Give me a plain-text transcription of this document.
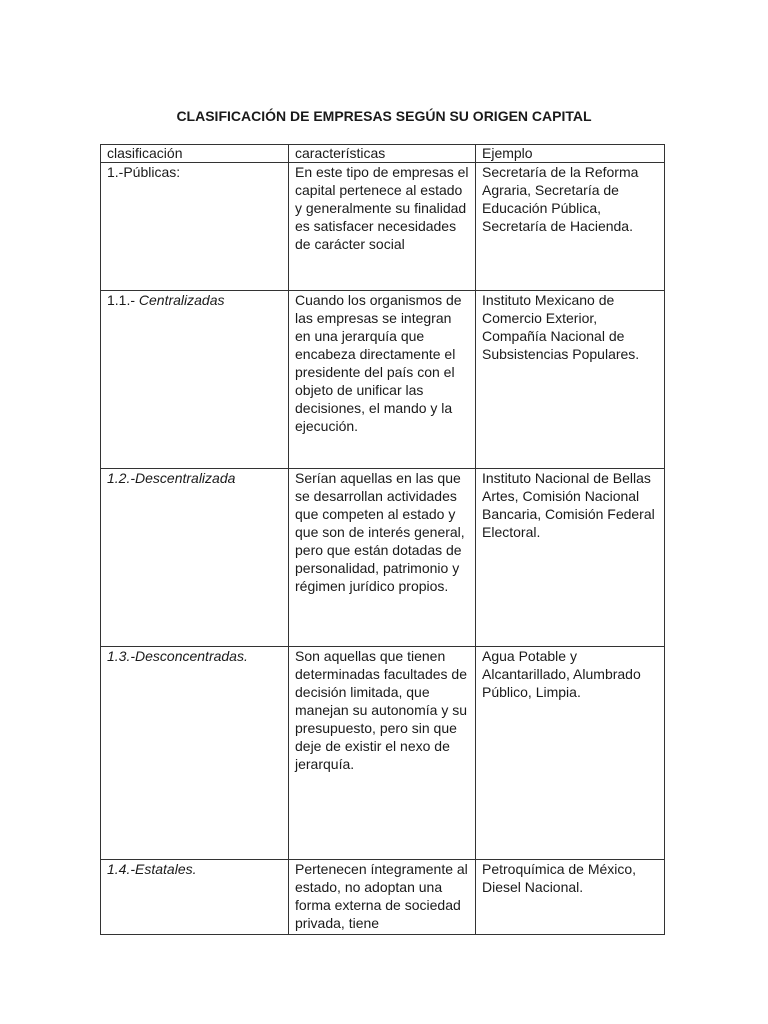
CLASIFICACIÓN DE EMPRESAS SEGÚN SU ORIGEN CAPITAL
clasificación	características	Ejemplo
1.-Públicas:	En este tipo de empresas el capital pertenece al estado y generalmente su finalidad es satisfacer necesidades de carácter social	Secretaría de la Reforma Agraria, Secretaría de Educación Pública, Secretaría de Hacienda.
1.1.- Centralizadas	Cuando los organismos de las empresas se integran en una jerarquía que encabeza directamente el presidente del país con el objeto de unificar las decisiones, el mando y la ejecución.	Instituto Mexicano de Comercio Exterior, Compañía Nacional de Subsistencias Populares.
1.2.-Descentralizada	Serían aquellas en las que se desarrollan actividades que competen al estado y que son de interés general, pero que están dotadas de personalidad, patrimonio y régimen jurídico propios.	Instituto Nacional de Bellas Artes, Comisión Nacional Bancaria, Comisión Federal Electoral.
1.3.-Desconcentradas.	Son aquellas que tienen determinadas facultades de decisión limitada, que manejan su autonomía y su presupuesto, pero sin que deje de existir el nexo de jerarquía.	Agua Potable y Alcantarillado, Alumbrado Público, Limpia.
1.4.-Estatales.	Pertenecen íntegramente al estado, no adoptan una forma externa de sociedad privada, tiene	Petroquímica de México, Diesel Nacional.
